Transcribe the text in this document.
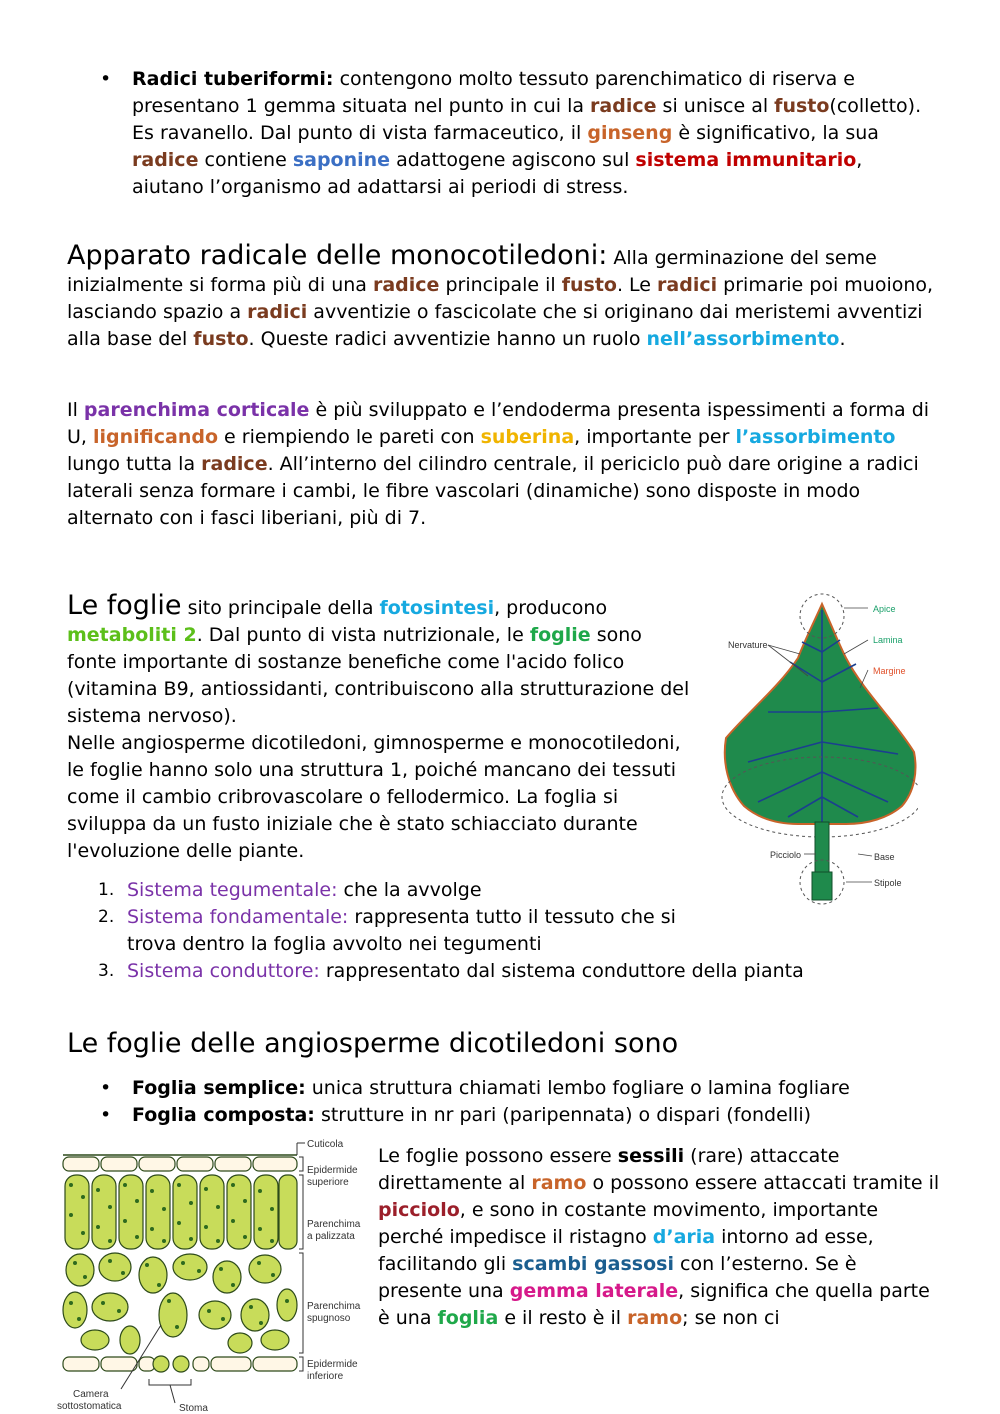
• Radici tuberiformi: contengono molto tessuto parenchimatico di riserva e presentano 1 gemma situata nel punto in cui la radice si unisce al fusto(colletto). Es ravanello. Dal punto di vista farmaceutico, il ginseng è significativo, la sua radice contiene saponine adattogene agiscono sul sistema immunitario, aiutano l’organismo ad adattarsi ai periodi di stress.

Apparato radicale delle monocotiledoni: Alla germinazione del seme inizialmente si forma più di una radice principale il fusto. Le radici primarie poi muoiono, lasciando spazio a radici avventizie o fascicolate che si originano dai meristemi avventizi alla base del fusto. Queste radici avventizie hanno un ruolo nell’assorbimento.

Il parenchima corticale è più sviluppato e l’endoderma presenta ispessimenti a forma di U, lignificando e riempiendo le pareti con suberina, importante per l’assorbimento lungo tutta la radice. All’interno del cilindro centrale, il periciclo può dare origine a radici laterali senza formare i cambi, le fibre vascolari (dinamiche) sono disposte in modo alternato con i fasci liberiani, più di 7.

Le foglie sito principale della fotosintesi, producono metaboliti 2. Dal punto di vista nutrizionale, le foglie sono fonte importante di sostanze benefiche come l'acido folico (vitamina B9, antiossidanti, contribuiscono alla strutturazione del sistema nervoso).

Nelle angiosperme dicotiledoni, gimnosperme e monocotiledoni, le foglie hanno solo una struttura 1, poiché mancano dei tessuti come il cambio cribrovascolare o fellodermico. La foglia si sviluppa da un fusto iniziale che è stato schiacciato durante l'evoluzione delle piante.

1. Sistema tegumentale: che la avvolge

2. Sistema fondamentale: rappresenta tutto il tessuto che si trova dentro la foglia avvolto nei tegumenti

3. Sistema conduttore: rappresentato dal sistema conduttore della pianta

Apice
Lamina
Margine
Nervature
Picciolo	Base
Stipole

Le foglie delle angiosperme dicotiledoni sono

• Foglia semplice: unica struttura chiamati lembo fogliare o lamina fogliare

• Foglia composta: strutture in nr pari (paripennata) o dispari (fondelli)

Le foglie possono essere sessili (rare) attaccate direttamente al ramo o possono essere attaccati tramite il picciolo, e sono in costante movimento, importante perché impedisce il ristagno d’aria intorno ad esse, facilitando gli scambi gassosi con l’esterno. Se è presente una gemma laterale, significa che quella parte è una foglia e il resto è il ramo; se non ci

Cuticola
Epidermide
superiore
Parenchima
a palizzata
Parenchima
spugnoso
Epidermide
inferiore
Camera
sottostomatica	Stoma
